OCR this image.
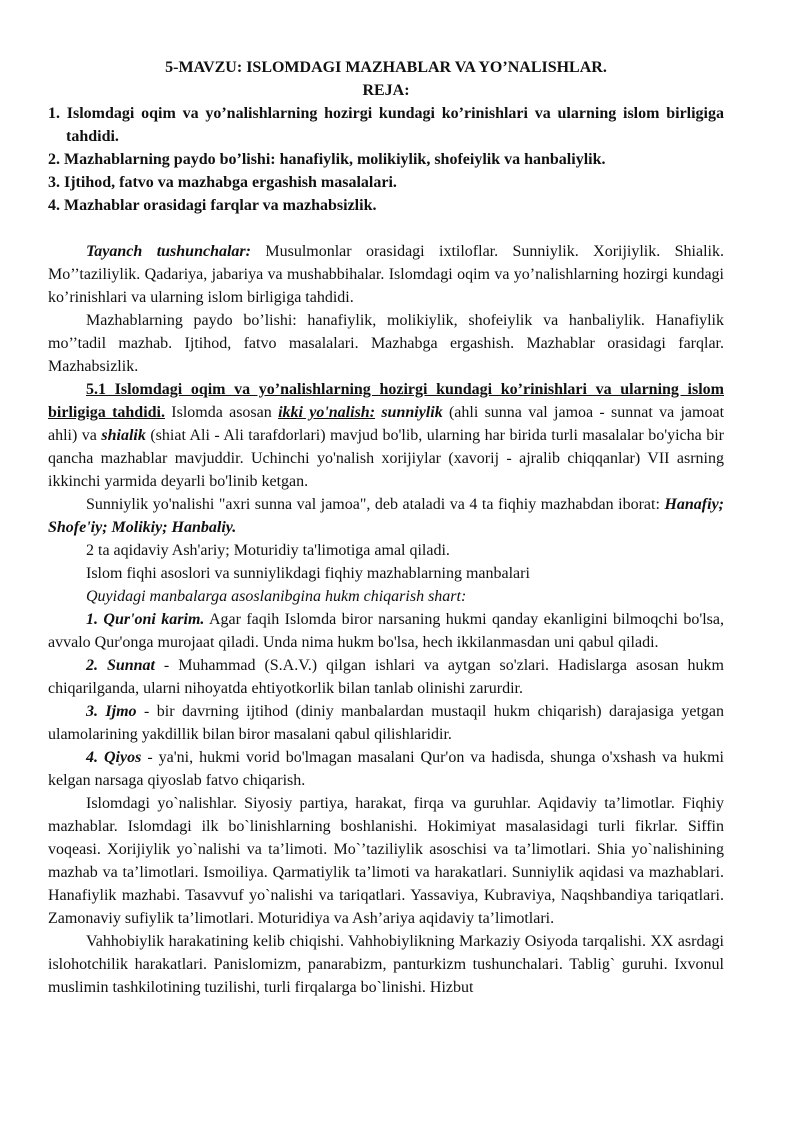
5-MAVZU: ISLOMDAGI MAZHABLAR VA YO’NALISHLAR.
REJA:
1. Islomdagi oqim va yo’nalishlarning hozirgi kundagi ko’rinishlari va ularning islom birligiga tahdidi.
2. Mazhablarning paydo bo’lishi: hanafiylik, molikiylik, shofeiylik va hanbaliylik.
3. Ijtihod, fatvo va mazhabga ergashish masalalari.
4. Mazhablar orasidagi farqlar va mazhabsizlik.

Tayanch tushunchalar: Musulmonlar orasidagi ixtiloflar. Sunniylik. Xorijiylik. Shialik. Mo’’taziliylik. Qadariya, jabariya va mushabbihalar. Islomdagi oqim va yo’nalishlarning hozirgi kundagi ko’rinishlari va ularning islom birligiga tahdidi.

Mazhablarning paydo bo’lishi: hanafiylik, molikiylik, shofeiylik va hanbaliylik. Hanafiylik mo’’tadil mazhab. Ijtihod, fatvo masalalari. Mazhabga ergashish. Mazhablar orasidagi farqlar. Mazhabsizlik.

5.1 Islomdagi oqim va yo’nalishlarning hozirgi kundagi ko’rinishlari va ularning islom birligiga tahdidi. Islomda asosan ikki yo'nalish: sunniylik (ahli sunna val jamoa - sunnat va jamoat ahli) va shialik (shiat Ali - Ali tarafdorlari) mavjud bo'lib, ularning har birida turli masalalar bo'yicha bir qancha mazhablar mavjuddir. Uchinchi yo'nalish xorijiylar (xavorij - ajralib chiqqanlar) VII asrning ikkinchi yarmida deyarli bo'linib ketgan.

Sunniylik yo'nalishi "axri sunna val jamoa", deb ataladi va 4 ta fiqhiy mazhabdan iborat: Hanafiy; Shofe'iy; Molikiy; Hanbaliy.

2 ta aqidaviy Ash'ariy; Moturidiy ta'limotiga amal qiladi.

Islom fiqhi asoslori va sunniylikdagi fiqhiy mazhablarning manbalari

Quyidagi manbalarga asoslanibgina hukm chiqarish shart:

1. Qur'oni karim. Agar faqih Islomda biror narsaning hukmi qanday ekanligini bilmoqchi bo'lsa, avvalo Qur'onga murojaat qiladi. Unda nima hukm bo'lsa, hech ikkilanmasdan uni qabul qiladi.

2. Sunnat - Muhammad (S.A.V.) qilgan ishlari va aytgan so'zlari. Hadislarga asosan hukm chiqarilganda, ularni nihoyatda ehtiyotkorlik bilan tanlab olinishi zarurdir.

3. Ijmo - bir davrning ijtihod (diniy manbalardan mustaqil hukm chiqarish) darajasiga yetgan ulamolarining yakdillik bilan biror masalani qabul qilishlaridir.

4. Qiyos - ya'ni, hukmi vorid bo'lmagan masalani Qur'on va hadisda, shunga o'xshash va hukmi kelgan narsaga qiyoslab fatvo chiqarish.

Islomdagi yo`nalishlar. Siyosiy partiya, harakat, firqa va guruhlar. Aqidaviy ta’limotlar. Fiqhiy mazhablar. Islomdagi ilk bo`linishlarning boshlanishi. Hokimiyat masalasidagi turli fikrlar. Siffin voqeasi. Xorijiylik yo`nalishi va ta’limoti. Mo`’taziliylik asoschisi va ta’limotlari. Shia yo`nalishining mazhab va ta’limotlari. Ismoiliya. Qarmatiylik ta’limoti va harakatlari. Sunniylik aqidasi va mazhablari. Hanafiylik mazhabi. Tasavvuf yo`nalishi va tariqatlari. Yassaviya, Kubraviya, Naqshbandiya tariqatlari. Zamonaviy sufiylik ta’limotlari. Moturidiya va Ash’ariya aqidaviy ta’limotlari.

Vahhobiylik harakatining kelib chiqishi. Vahhobiylikning Markaziy Osiyoda tarqalishi. XX asrdagi islohotchilik harakatlari. Panislomizm, panarabizm, panturkizm tushunchalari. Tablig` guruhi. Ixvonul muslimin tashkilotining tuzilishi, turli firqalarga bo`linishi. Hizbut
